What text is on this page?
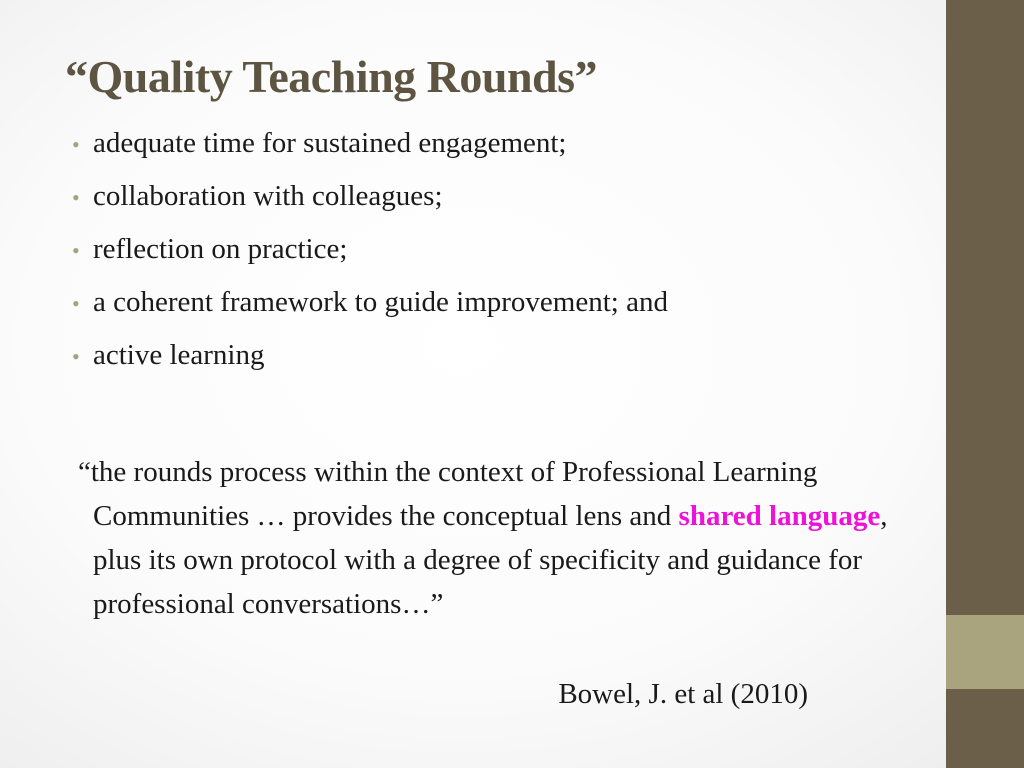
“Quality Teaching Rounds”
• adequate time for sustained engagement;
• collaboration with colleagues;
• reflection on practice;
• a coherent framework to guide improvement; and
• active learning

“the rounds process within the context of Professional Learning Communities … provides the conceptual lens and shared language, plus its own protocol with a degree of specificity and guidance for professional conversations…”

Bowel, J. et al (2010)
